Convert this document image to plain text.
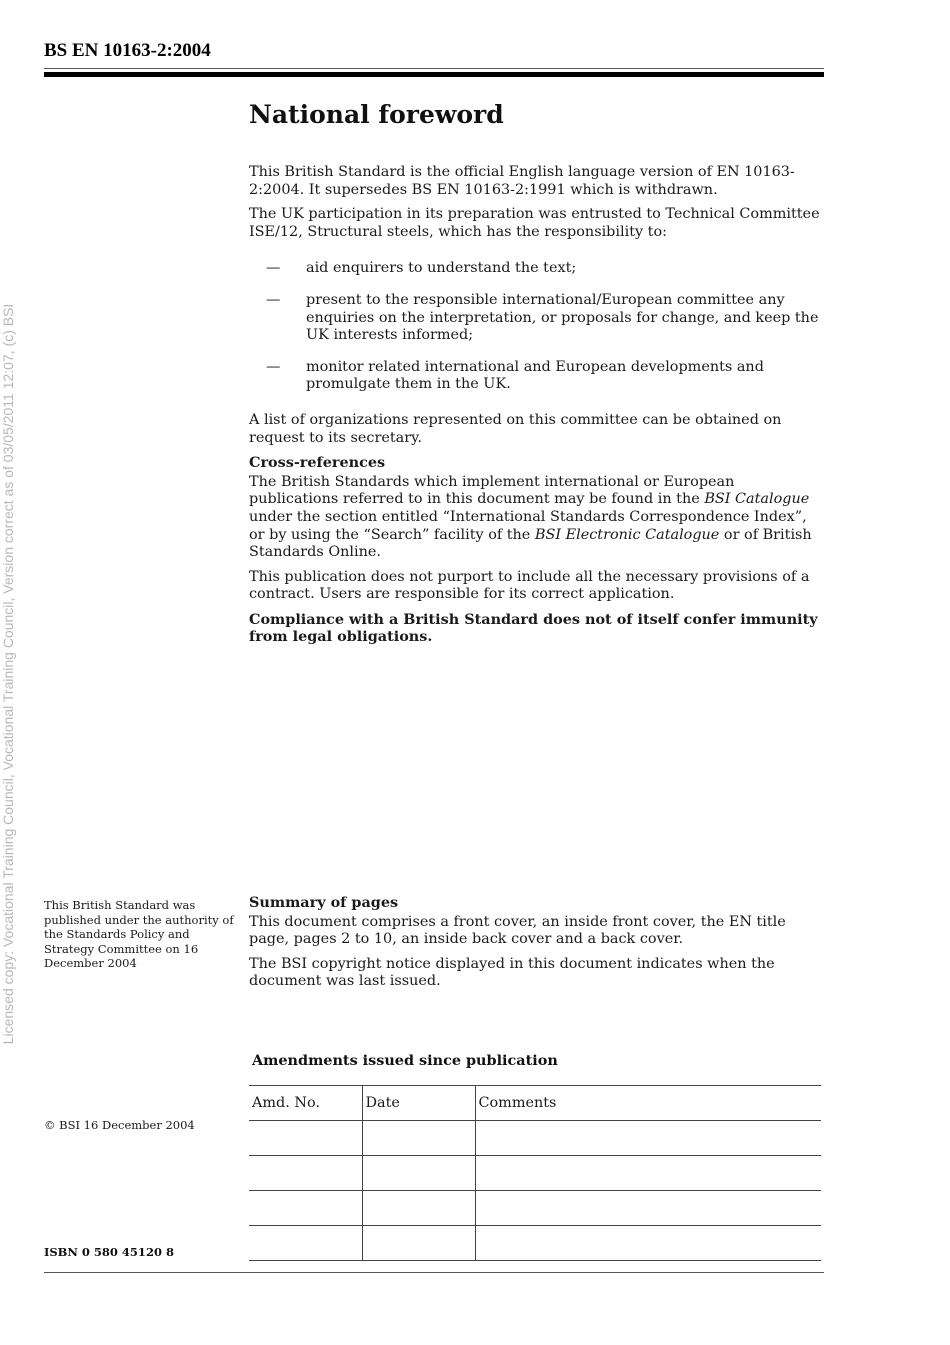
BS EN 10163-2:2004
Licensed copy: Vocational Training Council, Vocational Training Council, Version correct as of 03/05/2011 12:07, (c) BSI
National foreword

This British Standard is the official English language version of EN 10163-2:2004. It supersedes BS EN 10163-2:1991 which is withdrawn.

The UK participation in its preparation was entrusted to Technical Committee ISE/12, Structural steels, which has the responsibility to:

— aid enquirers to understand the text;
— present to the responsible international/European committee any enquiries on the interpretation, or proposals for change, and keep the UK interests informed;
— monitor related international and European developments and promulgate them in the UK.

A list of organizations represented on this committee can be obtained on request to its secretary.

Cross-references

The British Standards which implement international or European publications referred to in this document may be found in the BSI Catalogue under the section entitled “International Standards Correspondence Index”, or by using the “Search” facility of the BSI Electronic Catalogue or of British Standards Online.

This publication does not purport to include all the necessary provisions of a contract. Users are responsible for its correct application.

Compliance with a British Standard does not of itself confer immunity from legal obligations.

This British Standard was published under the authority of the Standards Policy and Strategy Committee on 16 December 2004

Summary of pages

This document comprises a front cover, an inside front cover, the EN title page, pages 2 to 10, an inside back cover and a back cover.

The BSI copyright notice displayed in this document indicates when the document was last issued.

Amendments issued since publication
Amd. No.	Date	Comments

© BSI 16 December 2004
ISBN 0 580 45120 8
